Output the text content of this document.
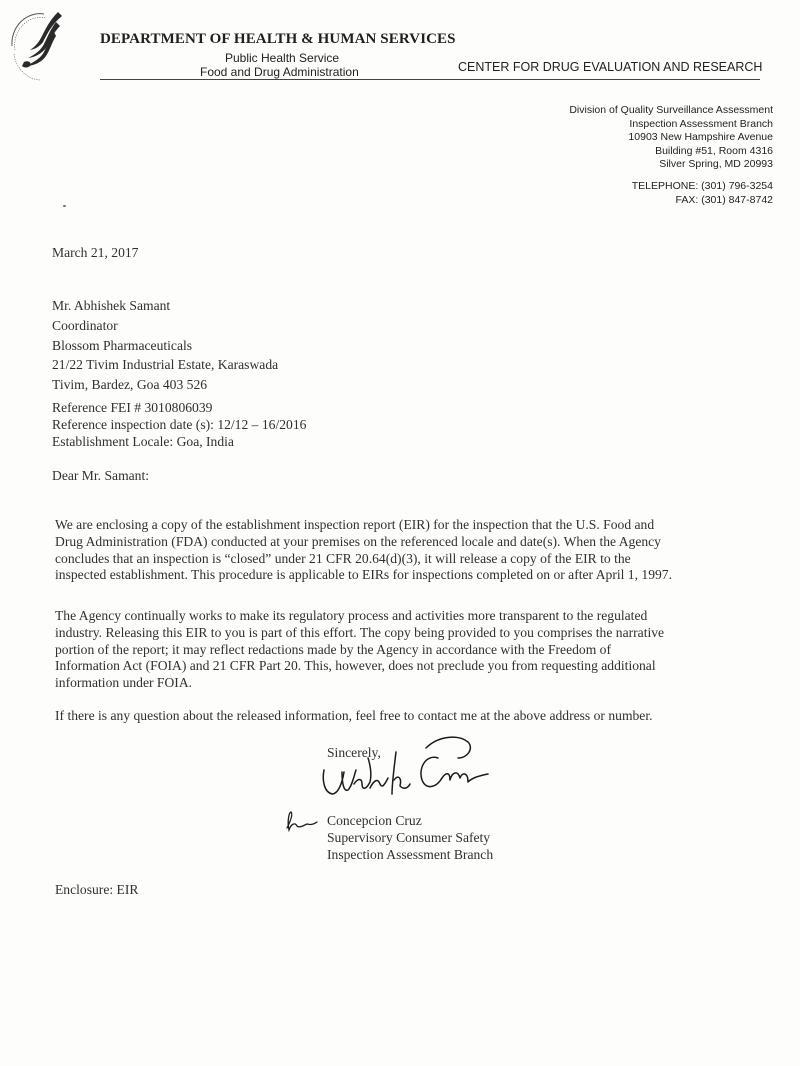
DEPARTMENT OF HEALTH & HUMAN SERVICES
Public Health Service
Food and Drug Administration	CENTER FOR DRUG EVALUATION AND RESEARCH
Division of Quality Surveillance Assessment
Inspection Assessment Branch
10903 New Hampshire Avenue
Building #51, Room 4316
Silver Spring, MD 20993
TELEPHONE: (301) 796-3254
FAX: (301) 847-8742
March 21, 2017
Mr. Abhishek Samant
Coordinator
Blossom Pharmaceuticals
21/22 Tivim Industrial Estate, Karaswada
Tivim, Bardez, Goa 403 526
Reference FEI # 3010806039
Reference inspection date (s): 12/12 – 16/2016
Establishment Locale: Goa, India
Dear Mr. Samant:
We are enclosing a copy of the establishment inspection report (EIR) for the inspection that the U.S. Food and
Drug Administration (FDA) conducted at your premises on the referenced locale and date(s). When the Agency
concludes that an inspection is “closed” under 21 CFR 20.64(d)(3), it will release a copy of the EIR to the
inspected establishment. This procedure is applicable to EIRs for inspections completed on or after April 1, 1997.
The Agency continually works to make its regulatory process and activities more transparent to the regulated
industry. Releasing this EIR to you is part of this effort. The copy being provided to you comprises the narrative
portion of the report; it may reflect redactions made by the Agency in accordance with the Freedom of
Information Act (FOIA) and 21 CFR Part 20. This, however, does not preclude you from requesting additional
information under FOIA.
If there is any question about the released information, feel free to contact me at the above address or number.
Sincerely,
Concepcion Cruz
Supervisory Consumer Safety
Inspection Assessment Branch
Enclosure: EIR
